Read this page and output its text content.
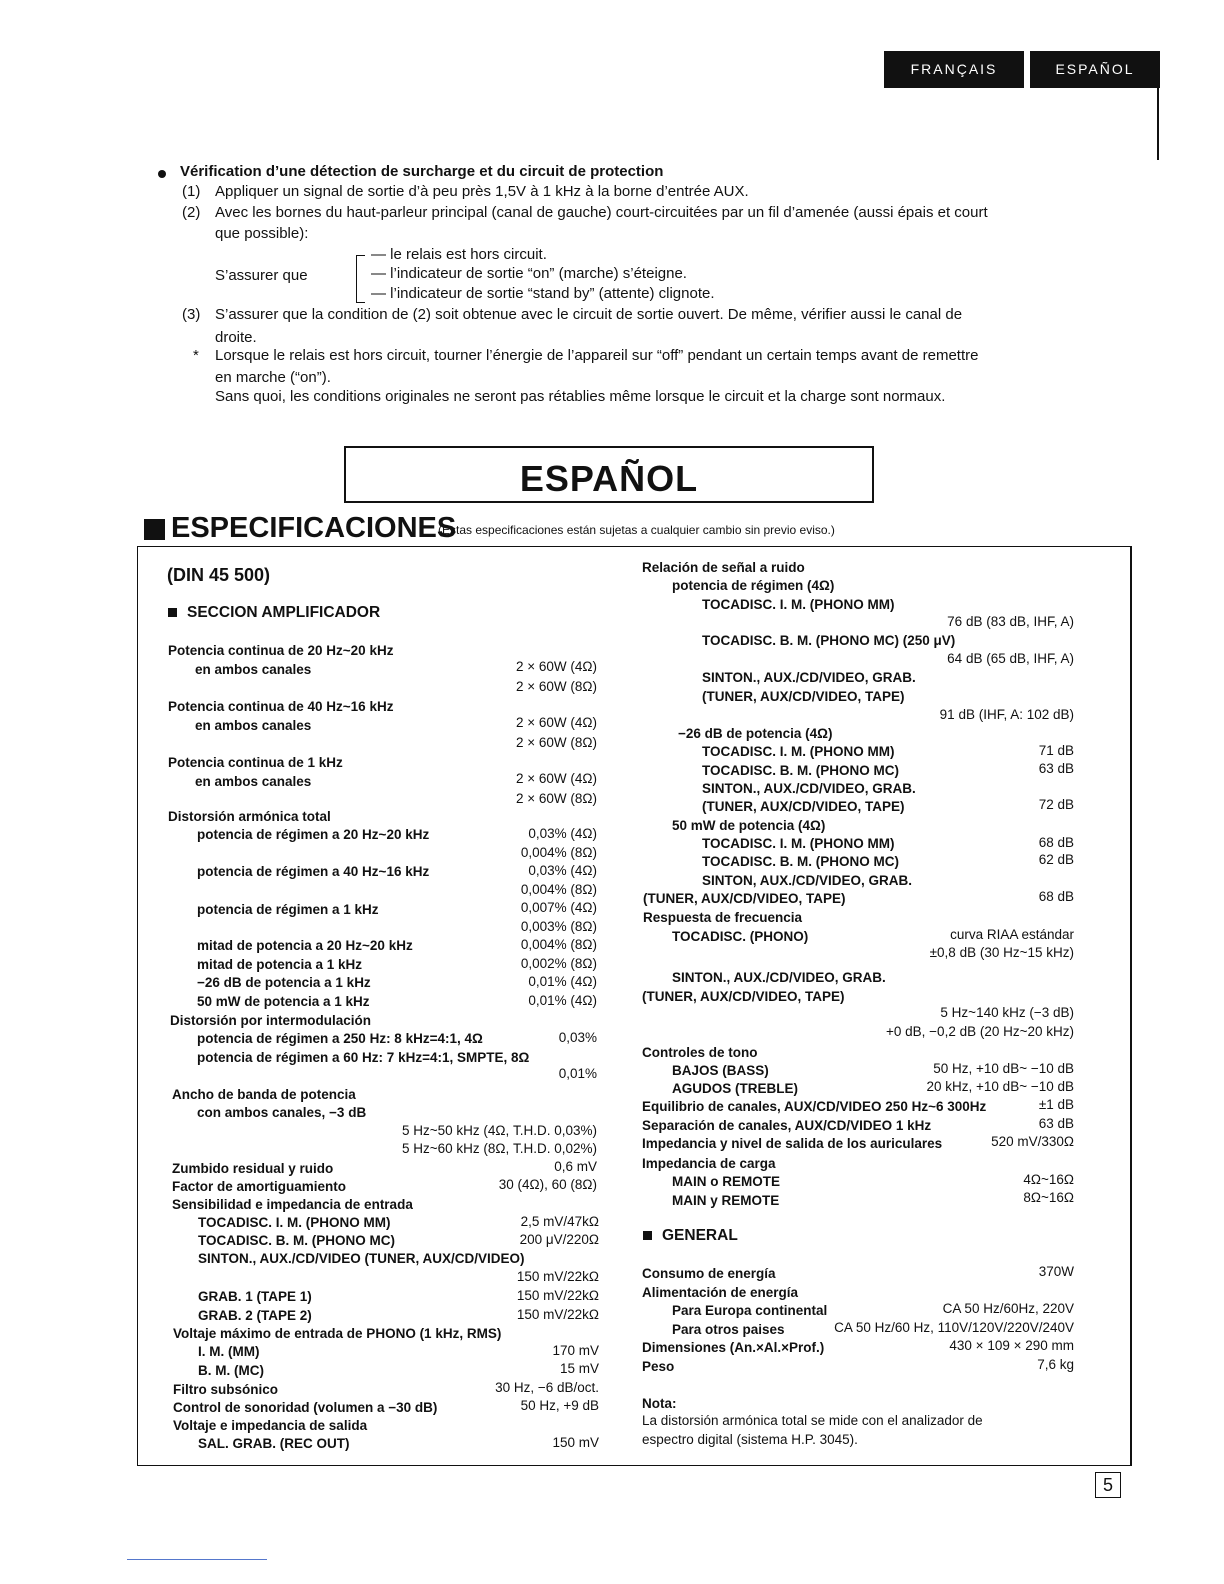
FRANÇAIS	ESPAÑOL
Vérification d’une détection de surcharge et du circuit de protection
(1) Appliquer un signal de sortie d’à peu près 1,5V à 1 kHz à la borne d’entrée AUX.
(2) Avec les bornes du haut-parleur principal (canal de gauche) court-circuitées par un fil d’amenée (aussi épais et court
que possible):
S’assurer que
— le relais est hors circuit.
— l’indicateur de sortie “on” (marche) s’éteigne.
— l’indicateur de sortie “stand by” (attente) clignote.
(3) S’assurer que la condition de (2) soit obtenue avec le circuit de sortie ouvert. De même, vérifier aussi le canal de
droite.
* Lorsque le relais est hors circuit, tourner l’énergie de l’appareil sur “off” pendant un certain temps avant de remettre
en marche (“on”).
Sans quoi, les conditions originales ne seront pas rétablies même lorsque le circuit et la charge sont normaux.
ESPAÑOL
ESPECIFICACIONES
(Estas especificaciones están sujetas a cualquier cambio sin previo eviso.)
(DIN 45 500)
SECCION AMPLIFICADOR
Potencia continua de 20 Hz~20 kHz
en ambos canales	2 × 60W (4Ω)
2 × 60W (8Ω)
Potencia continua de 40 Hz~16 kHz
en ambos canales	2 × 60W (4Ω)
2 × 60W (8Ω)
Potencia continua de 1 kHz
en ambos canales	2 × 60W (4Ω)
2 × 60W (8Ω)
Distorsión armónica total
potencia de régimen a 20 Hz~20 kHz	0,03% (4Ω)
0,004% (8Ω)
potencia de régimen a 40 Hz~16 kHz	0,03% (4Ω)
0,004% (8Ω)
potencia de régimen a 1 kHz	0,007% (4Ω)
0,003% (8Ω)
mitad de potencia a 20 Hz~20 kHz	0,004% (8Ω)
mitad de potencia a 1 kHz	0,002% (8Ω)
−26 dB de potencia a 1 kHz	0,01% (4Ω)
50 mW de potencia a 1 kHz	0,01% (4Ω)
Distorsión por intermodulación
potencia de régimen a 250 Hz: 8 kHz=4:1, 4Ω	0,03%
potencia de régimen a 60 Hz: 7 kHz=4:1, SMPTE, 8Ω
0,01%
Ancho de banda de potencia
con ambos canales, −3 dB
5 Hz~50 kHz (4Ω, T.H.D. 0,03%)
5 Hz~60 kHz (8Ω, T.H.D. 0,02%)
Zumbido residual y ruido	0,6 mV
Factor de amortiguamiento	30 (4Ω), 60 (8Ω)
Sensibilidad e impedancia de entrada
TOCADISC. I. M. (PHONO MM)	2,5 mV/47kΩ
TOCADISC. B. M. (PHONO MC)	200 μV/220Ω
SINTON., AUX./CD/VIDEO (TUNER, AUX/CD/VIDEO)
150 mV/22kΩ
GRAB. 1 (TAPE 1)	150 mV/22kΩ
GRAB. 2 (TAPE 2)	150 mV/22kΩ
Voltaje máximo de entrada de PHONO (1 kHz, RMS)
I. M. (MM)	170 mV
B. M. (MC)	15 mV
Filtro subsónico	30 Hz, −6 dB/oct.
Control de sonoridad (volumen a −30 dB)	50 Hz, +9 dB
Voltaje e impedancia de salida
SAL. GRAB. (REC OUT)	150 mV
Relación de señal a ruido
potencia de régimen (4Ω)
TOCADISC. I. M. (PHONO MM)
76 dB (83 dB, IHF, A)
TOCADISC. B. M. (PHONO MC) (250 μV)
64 dB (65 dB, IHF, A)
SINTON., AUX./CD/VIDEO, GRAB.
(TUNER, AUX/CD/VIDEO, TAPE)
91 dB (IHF, A: 102 dB)
−26 dB de potencia (4Ω)
TOCADISC. I. M. (PHONO MM)	71 dB
TOCADISC. B. M. (PHONO MC)	63 dB
SINTON., AUX./CD/VIDEO, GRAB.
(TUNER, AUX/CD/VIDEO, TAPE)	72 dB
50 mW de potencia (4Ω)
TOCADISC. I. M. (PHONO MM)	68 dB
TOCADISC. B. M. (PHONO MC)	62 dB
SINTON, AUX./CD/VIDEO, GRAB.
(TUNER, AUX/CD/VIDEO, TAPE)	68 dB
Respuesta de frecuencia
TOCADISC. (PHONO)	curva RIAA estándar
±0,8 dB (30 Hz~15 kHz)
SINTON., AUX./CD/VIDEO, GRAB.
(TUNER, AUX/CD/VIDEO, TAPE)
5 Hz~140 kHz (−3 dB)
+0 dB, −0,2 dB (20 Hz~20 kHz)
Controles de tono
BAJOS (BASS)	50 Hz, +10 dB~ −10 dB
AGUDOS (TREBLE)	20 kHz, +10 dB~ −10 dB
Equilibrio de canales, AUX/CD/VIDEO 250 Hz~6 300Hz	±1 dB
Separación de canales, AUX/CD/VIDEO 1 kHz	63 dB
Impedancia y nivel de salida de los auriculares	520 mV/330Ω
Impedancia de carga
MAIN o REMOTE	4Ω~16Ω
MAIN y REMOTE	8Ω~16Ω
GENERAL
Consumo de energía	370W
Alimentación de energía
Para Europa continental	CA 50 Hz/60Hz, 220V
Para otros paises	CA 50 Hz/60 Hz, 110V/120V/220V/240V
Dimensiones (An.×Al.×Prof.)	430 × 109 × 290 mm
Peso	7,6 kg
Nota:
La distorsión armónica total se mide con el analizador de
espectro digital (sistema H.P. 3045).
5
